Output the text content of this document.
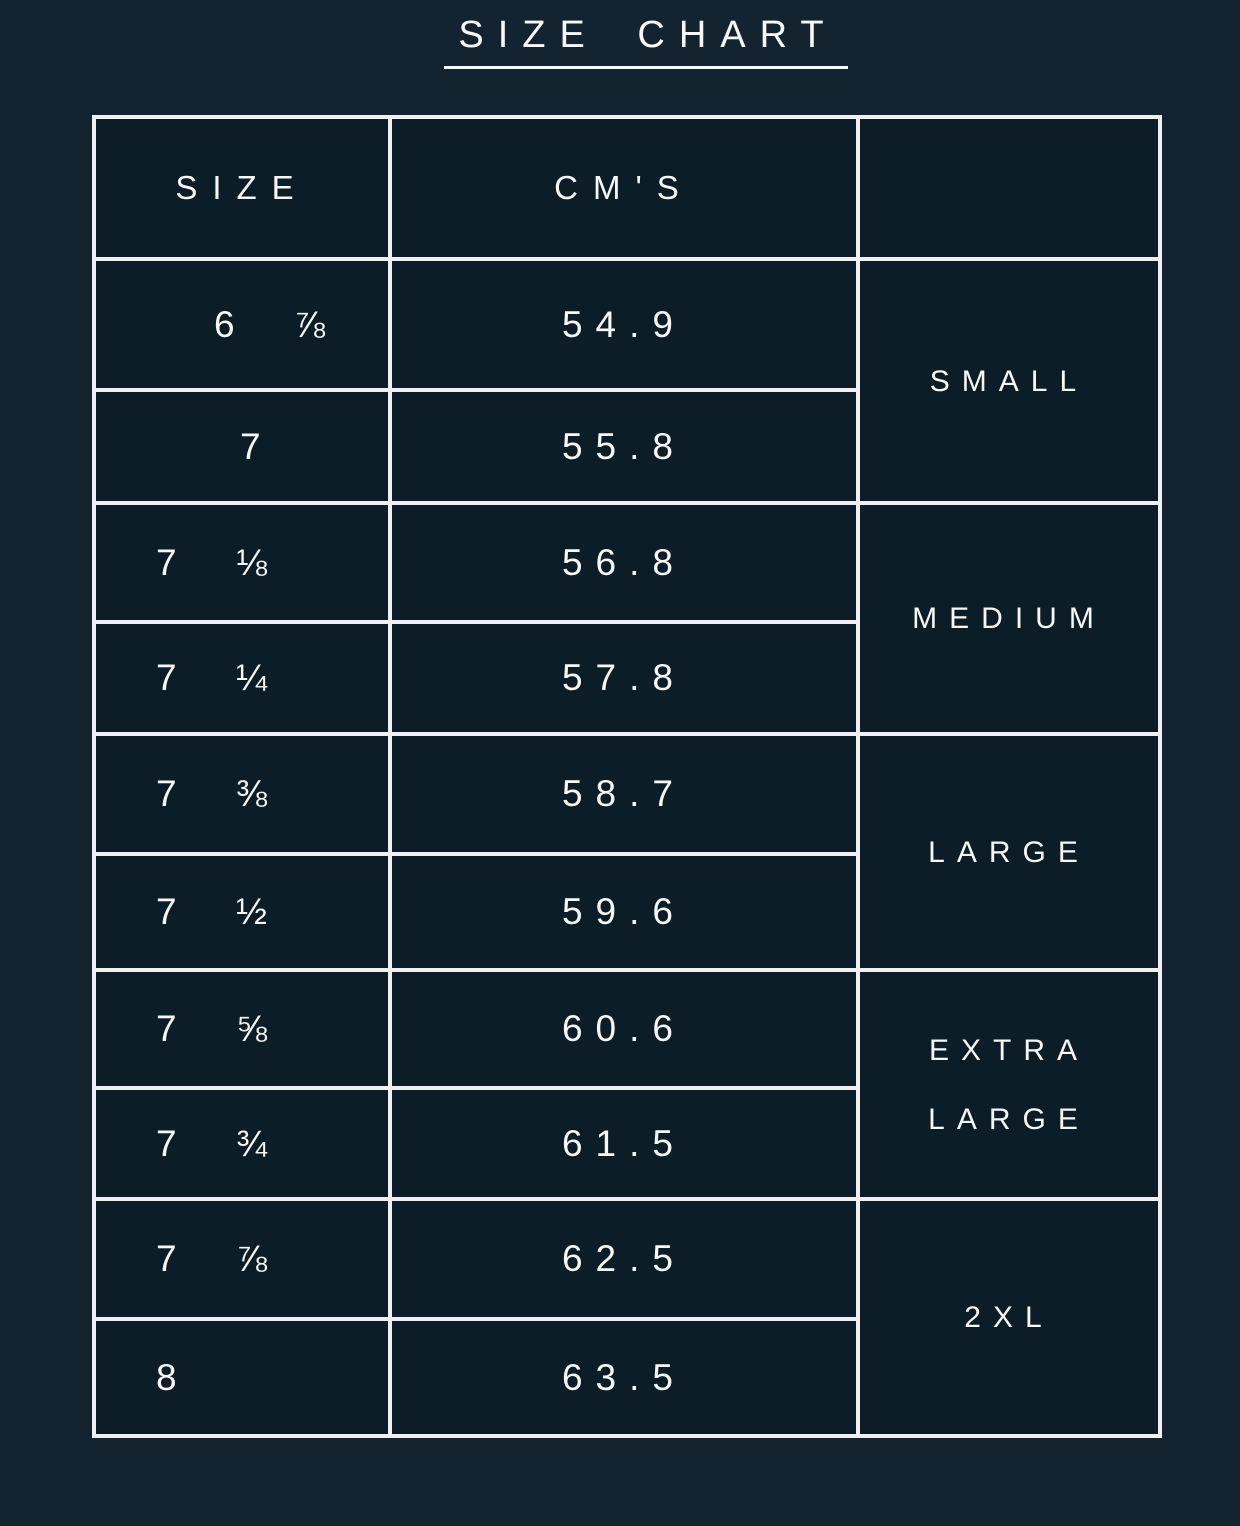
SIZE CHART
SIZE	CM'S	
6  ⅞	54.9	SMALL
7	55.8	
7  ⅛	56.8	MEDIUM
7  ¼	57.8	
7  ⅜	58.7	LARGE
7  ½	59.6	
7  ⅝	60.6	EXTRA LARGE
7  ¾	61.5	
7  ⅞	62.5	2XL
8	63.5	
